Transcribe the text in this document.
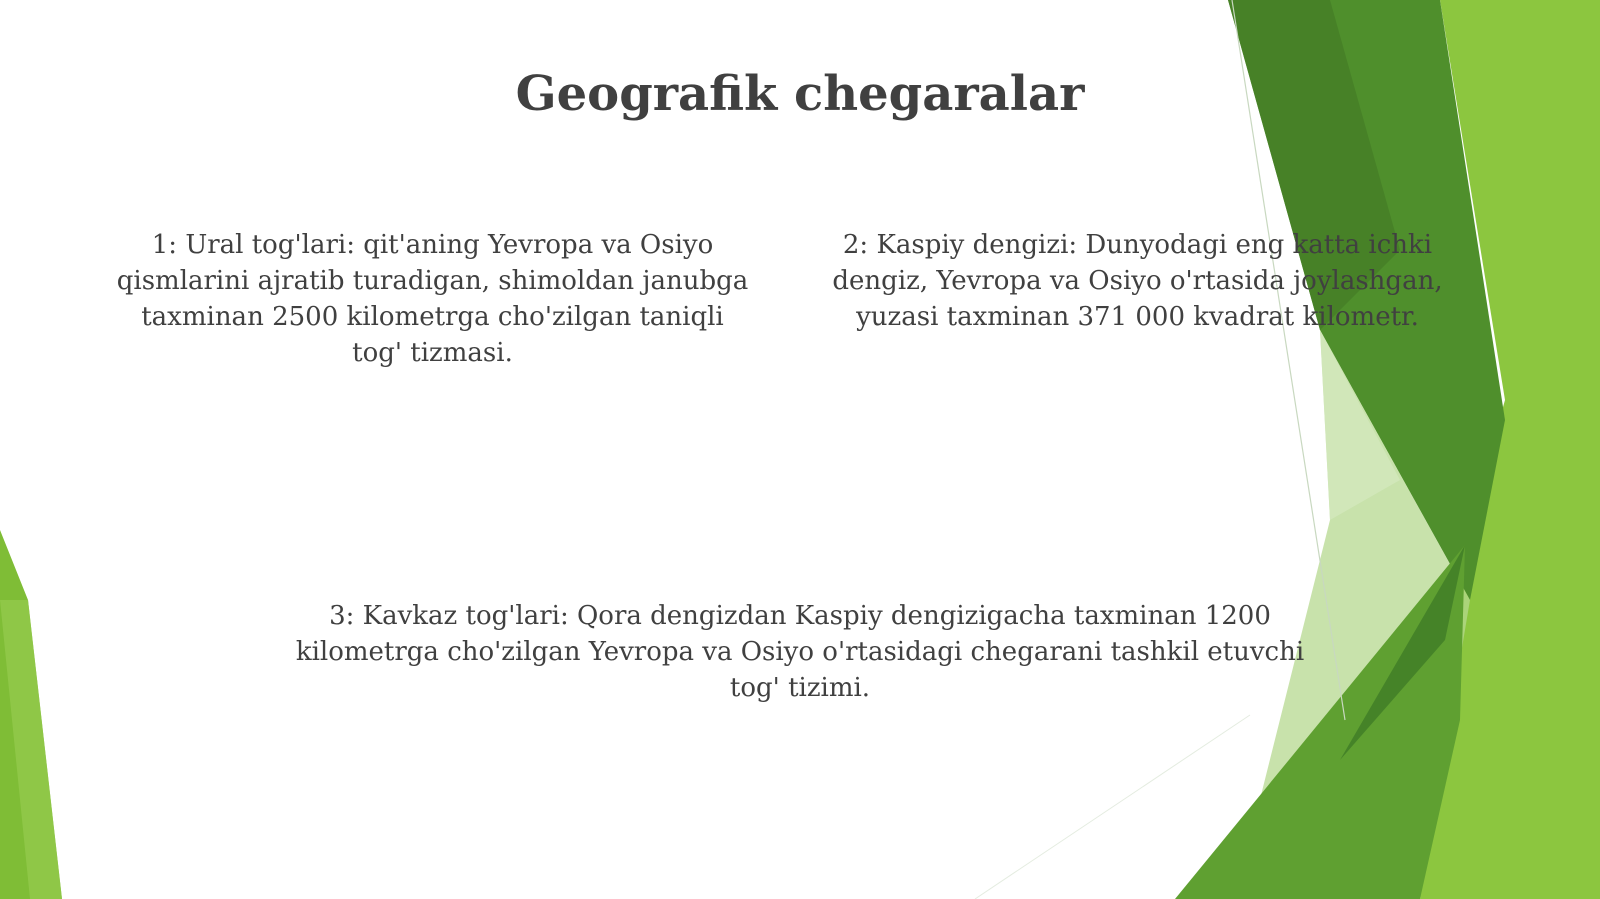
Geografik chegaralar

1: Ural tog'lari: qit'aning Yevropa va Osiyo qismlarini ajratib turadigan, shimoldan janubga taxminan 2500 kilometrga cho'zilgan taniqli tog' tizmasi.

2: Kaspiy dengizi: Dunyodagi eng katta ichki dengiz, Yevropa va Osiyo o'rtasida joylashgan, yuzasi taxminan 371 000 kvadrat kilometr.

3: Kavkaz tog'lari: Qora dengizdan Kaspiy dengizigacha taxminan 1200 kilometrga cho'zilgan Yevropa va Osiyo o'rtasidagi chegarani tashkil etuvchi tog' tizimi.
